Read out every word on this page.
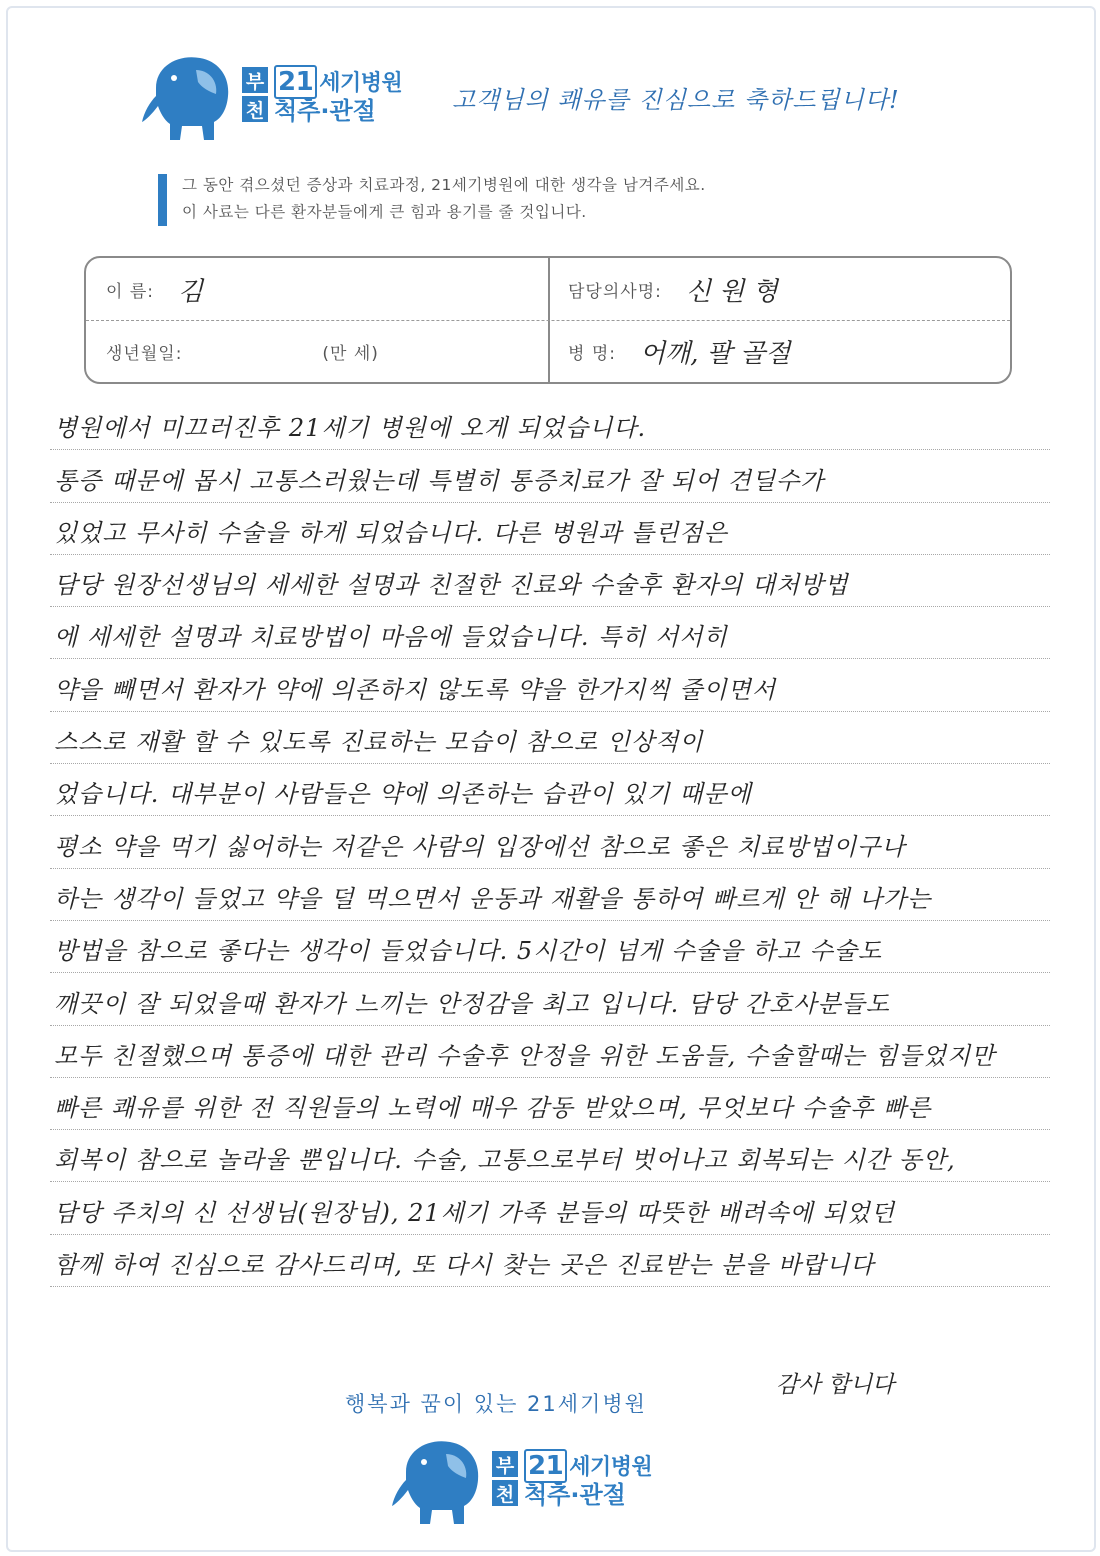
부
천
21 세기병원
척추·관절	고객님의 쾌유를 진심으로 축하드립니다!
그 동안 겪으셨던 증상과 치료과정, 21세기병원에 대한 생각을 남겨주세요.
이 사료는 다른 환자분들에게 큰 힘과 용기를 줄 것입니다.
이 름: 김	담당의사명: 신 원 형
생년월일:	(만 세)	병 명: 어깨, 팔 골절
병원에서 미끄러진후 21세기 병원에 오게 되었습니다.
통증 때문에 몹시 고통스러웠는데 특별히 통증치료가 잘 되어 견딜수가
있었고 무사히 수술을 하게 되었습니다. 다른 병원과 틀린점은
담당 원장선생님의 세세한 설명과 친절한 진료와 수술후 환자의 대처방법
에 세세한 설명과 치료방법이 마음에 들었습니다. 특히 서서히
약을 빼면서 환자가 약에 의존하지 않도록 약을 한가지씩 줄이면서
스스로 재활 할 수 있도록 진료하는 모습이 참으로 인상적이
었습니다. 대부분이 사람들은 약에 의존하는 습관이 있기 때문에
평소 약을 먹기 싫어하는 저같은 사람의 입장에선 참으로 좋은 치료방법이구나
하는 생각이 들었고 약을 덜 먹으면서 운동과 재활을 통하여 빠르게 안 해 나가는
방법을 참으로 좋다는 생각이 들었습니다. 5시간이 넘게 수술을 하고 수술도
깨끗이 잘 되었을때 환자가 느끼는 안정감을 최고 입니다. 담당 간호사분들도
모두 친절했으며 통증에 대한 관리 수술후 안정을 위한 도움들, 수술할때는 힘들었지만
빠른 쾌유를 위한 전 직원들의 노력에 매우 감동 받았으며, 무엇보다 수술후 빠른
회복이 참으로 놀라울 뿐입니다. 수술, 고통으로부터 벗어나고 회복되는 시간 동안,
담당 주치의 신 선생님(원장님), 21세기 가족 분들의 따뜻한 배려속에 되었던
함께 하여 진심으로 감사드리며, 또 다시 찾는 곳은 진료받는 분을 바랍니다
감사 합니다
행복과 꿈이 있는 21세기병원
부
천
21 세기병원
척추·관절
